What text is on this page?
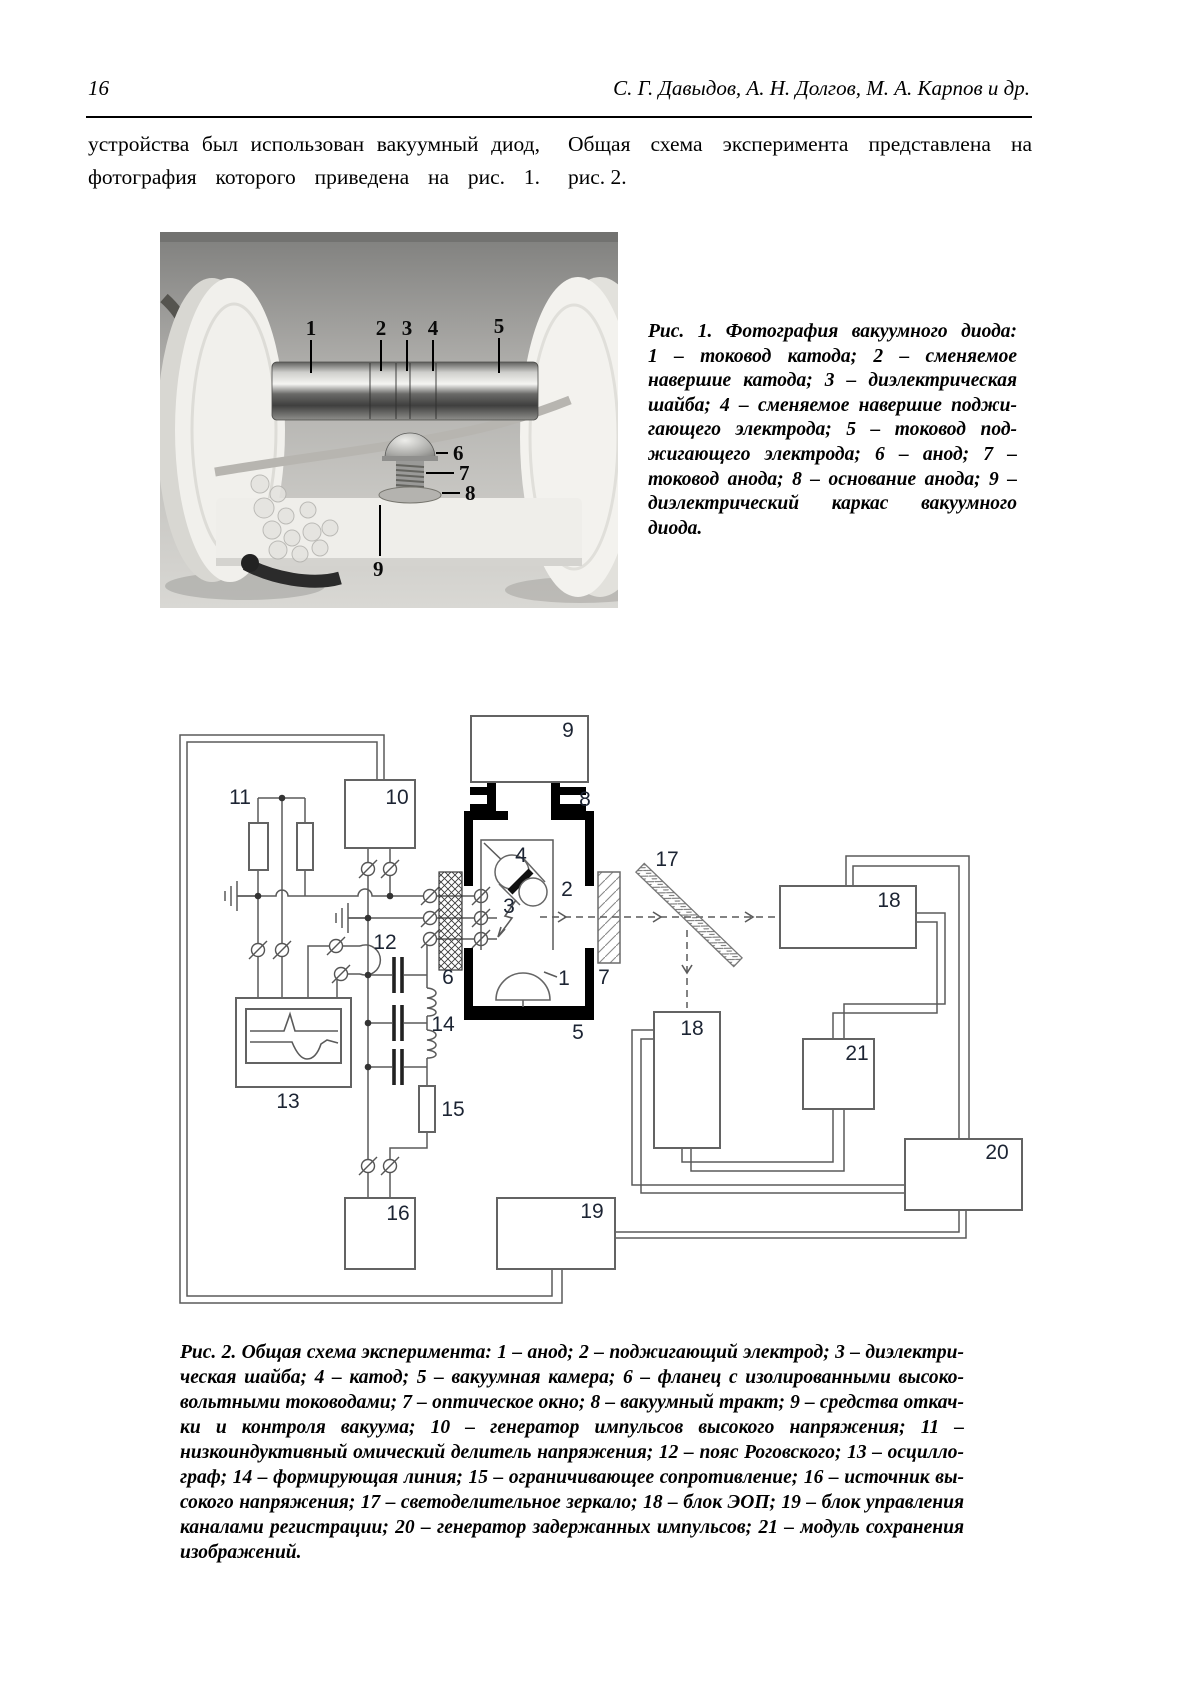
16	С. Г. Давыдов, А. Н. Долгов, М. А. Карпов и др.
устройства был использован вакуумный диод,
фотография которого приведена на рис. 1.
Общая схема эксперимента представлена на
рис. 2.
1	2 3 4	5
6
7
8
9
Рис. 1. Фотография вакуумного диода:
1 – токовод катода; 2 – сменяемое
навершие катода; 3 – диэлектрическая
шайба; 4 – сменяемое навершие поджи-
гающего электрода; 5 – токовод под-
жигающего электрода; 6 – анод; 7 –
токовод анода; 8 – основание анода; 9 –
диэлектрический каркас вакуумного
диода.
9
8
10
11
12
13
14
15
16
17
18
18
19
20
21
5
6	7
1
2
3
4
Рис. 2. Общая схема эксперимента: 1 – анод; 2 – поджигающий электрод; 3 – диэлектри-
ческая шайба; 4 – катод; 5 – вакуумная камера; 6 – фланец с изолированными высоко-
вольтными тоководами; 7 – оптическое окно; 8 – вакуумный тракт; 9 – средства откач-
ки и контроля вакуума; 10 – генератор импульсов высокого напряжения; 11 –
низкоиндуктивный омический делитель напряжения; 12 – пояс Роговского; 13 – осцилло-
граф; 14 – формирующая линия; 15 – ограничивающее сопротивление; 16 – источник вы-
сокого напряжения; 17 – светоделительное зеркало; 18 – блок ЭОП; 19 – блок управления
каналами регистрации; 20 – генератор задержанных импульсов; 21 – модуль сохранения
изображений.
